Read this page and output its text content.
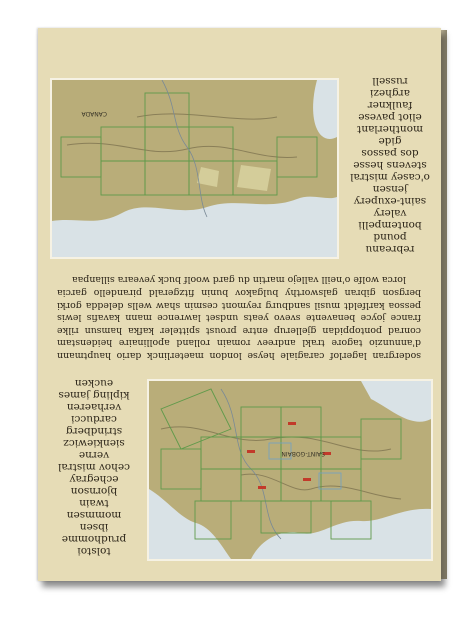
SAINT-GOBAIN
CANADA
tolstoi
prudhomme
ibsen
mommsen
twain
bjornson
echegray
cehov mistral
verne
sienkiewicz
strindberg
carducci
verhaeren
kipling james
eucken

sodergran lagerlof caragiale heyse london maeterlinck dario hauptmann d'annunzio tagore trakl andreev romain rolland apollinaire heidenstam conrad pontoppidan gjellerup entre proust spitteler kafka hamsun rilke france joyce benavente svevo yeats undset lawrence mann kavafis lewis pessoa karlfeldt musil sandburg reymont cesmin shaw wells deledda gorki bergson gibran galsworthy bulgakov bunin fitzgerald pirandello garcia lorca wolfe o'neill vallejo martin du gard woolf buck yeveara sillanpaa

rebreanu
pound
bontempelli
valery
saint-exupery
jensen
o'casey mistral
stevens hesse
dos passos
gide
montherlant
eliot pavese
faulkner
arghezi
russell
